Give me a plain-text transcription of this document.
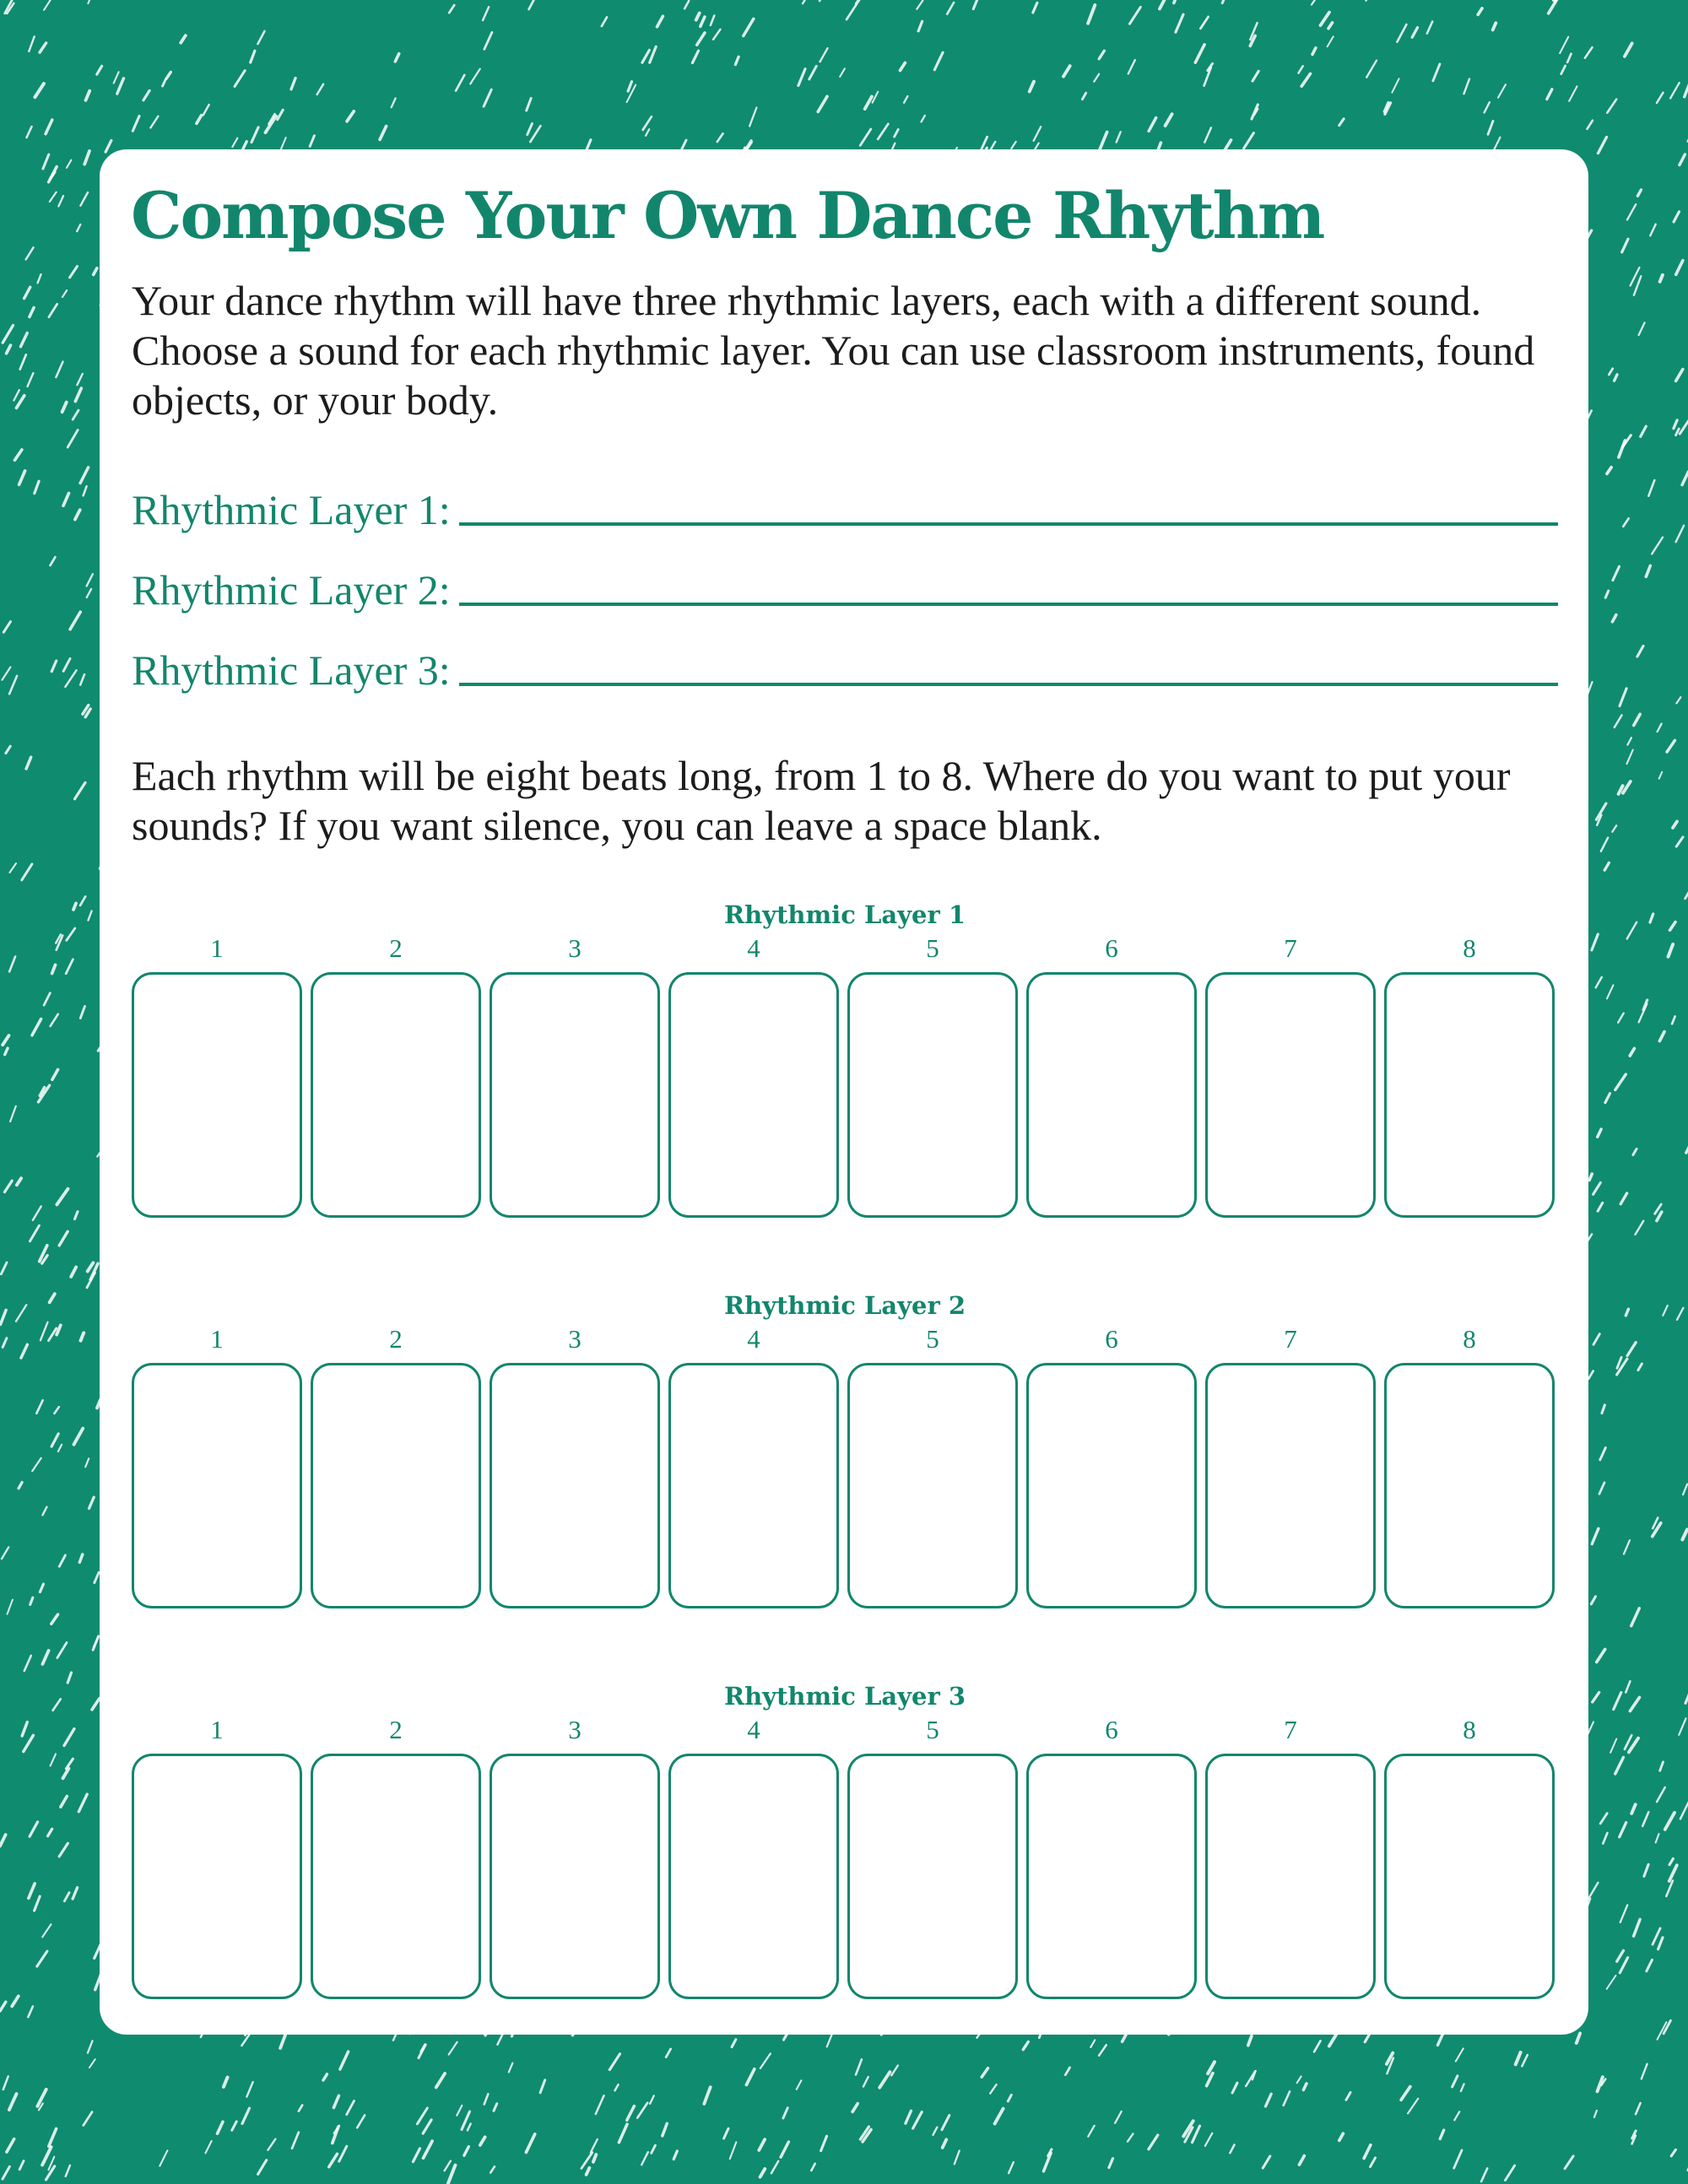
Compose Your Own Dance Rhythm

Your dance rhythm will have three rhythmic layers, each with a different sound. Choose a sound for each rhythmic layer. You can use classroom instruments, found objects, or your body.

Rhythmic Layer 1:
Rhythmic Layer 2:
Rhythmic Layer 3:

Each rhythm will be eight beats long, from 1 to 8. Where do you want to put your sounds? If you want silence, you can leave a space blank.

Rhythmic Layer 1
1	2	3	4	5	6	7	8
Rhythmic Layer 2
1	2	3	4	5	6	7	8
Rhythmic Layer 3
1	2	3	4	5	6	7	8
